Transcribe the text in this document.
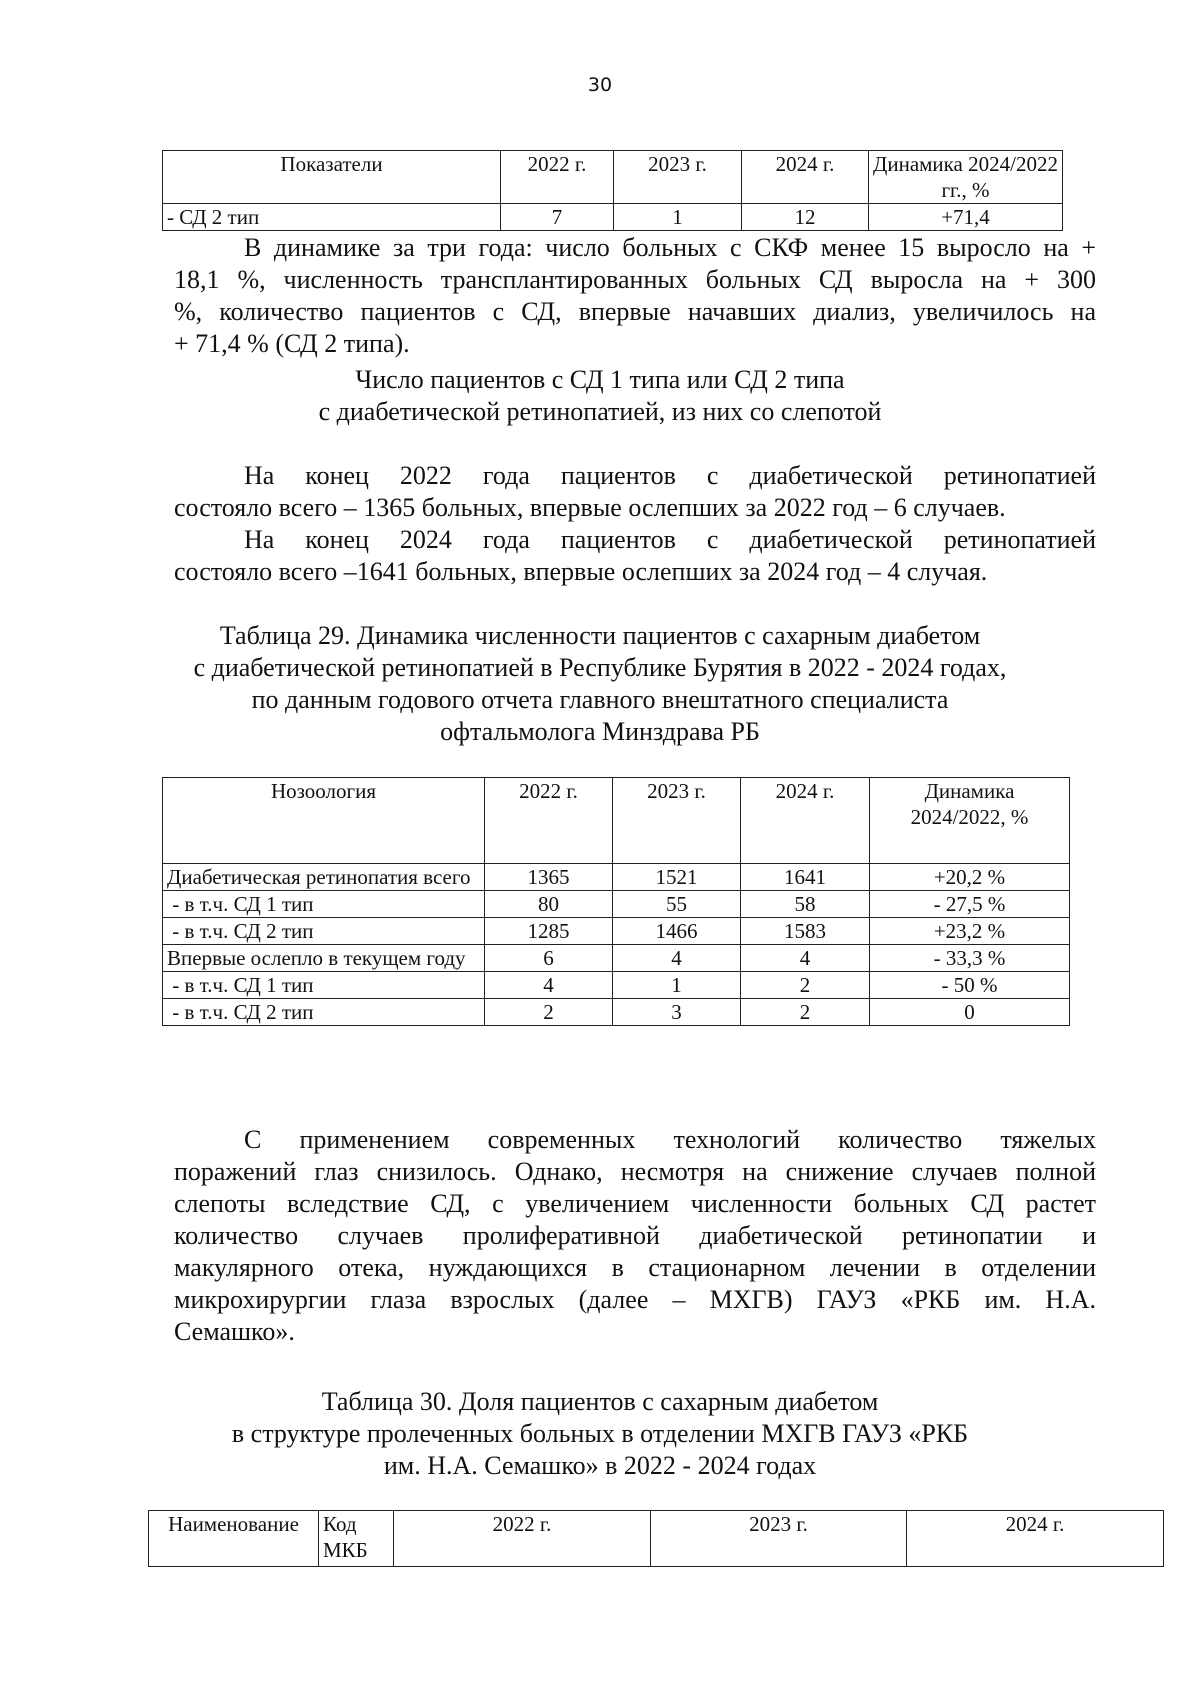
30
Показатели	2022 г.	2023 г.	2024 г.	Динамика 2024/2022 гг., %
- СД 2 тип	7	1	12	+71,4
В динамике за три года: число больных с СКФ менее 15 выросло на +
18,1 %, численность трансплантированных больных СД выросла на + 300
%, количество пациентов с СД, впервые начавших диализ, увеличилось на
+ 71,4 % (СД 2 типа).
Число пациентов с СД 1 типа или СД 2 типа
с диабетической ретинопатией, из них со слепотой
На конец 2022 года пациентов с диабетической ретинопатией
состояло всего – 1365 больных, впервые ослепших за 2022 год – 6 случаев.
На конец 2024 года пациентов с диабетической ретинопатией
состояло всего –1641 больных, впервые ослепших за 2024 год – 4 случая.
Таблица 29. Динамика численности пациентов с сахарным диабетом
с диабетической ретинопатией в Республике Бурятия в 2022 - 2024 годах,
по данным годового отчета главного внештатного специалиста
офтальмолога Минздрава РБ
Нозоология	2022 г.	2023 г.	2024 г.	Динамика 2024/2022, %
Диабетическая ретинопатия всего	1365	1521	1641	+20,2 %
- в т.ч. СД 1 тип	80	55	58	- 27,5 %
- в т.ч. СД 2 тип	1285	1466	1583	+23,2 %
Впервые ослепло в текущем году	6	4	4	- 33,3 %
- в т.ч. СД 1 тип	4	1	2	- 50 %
- в т.ч. СД 2 тип	2	3	2	0
С применением современных технологий количество тяжелых
поражений глаз снизилось. Однако, несмотря на снижение случаев полной
слепоты вследствие СД, с увеличением численности больных СД растет
количество случаев пролиферативной диабетической ретинопатии и
макулярного отека, нуждающихся в стационарном лечении в отделении
микрохирургии глаза взрослых (далее – МХГВ) ГАУЗ «РКБ им. Н.А.
Семашко».
Таблица 30. Доля пациентов с сахарным диабетом
в структуре пролеченных больных в отделении МХГВ ГАУЗ «РКБ
им. Н.А. Семашко» в 2022 - 2024 годах
Наименование	Код МКБ	2022 г.	2023 г.	2024 г.
